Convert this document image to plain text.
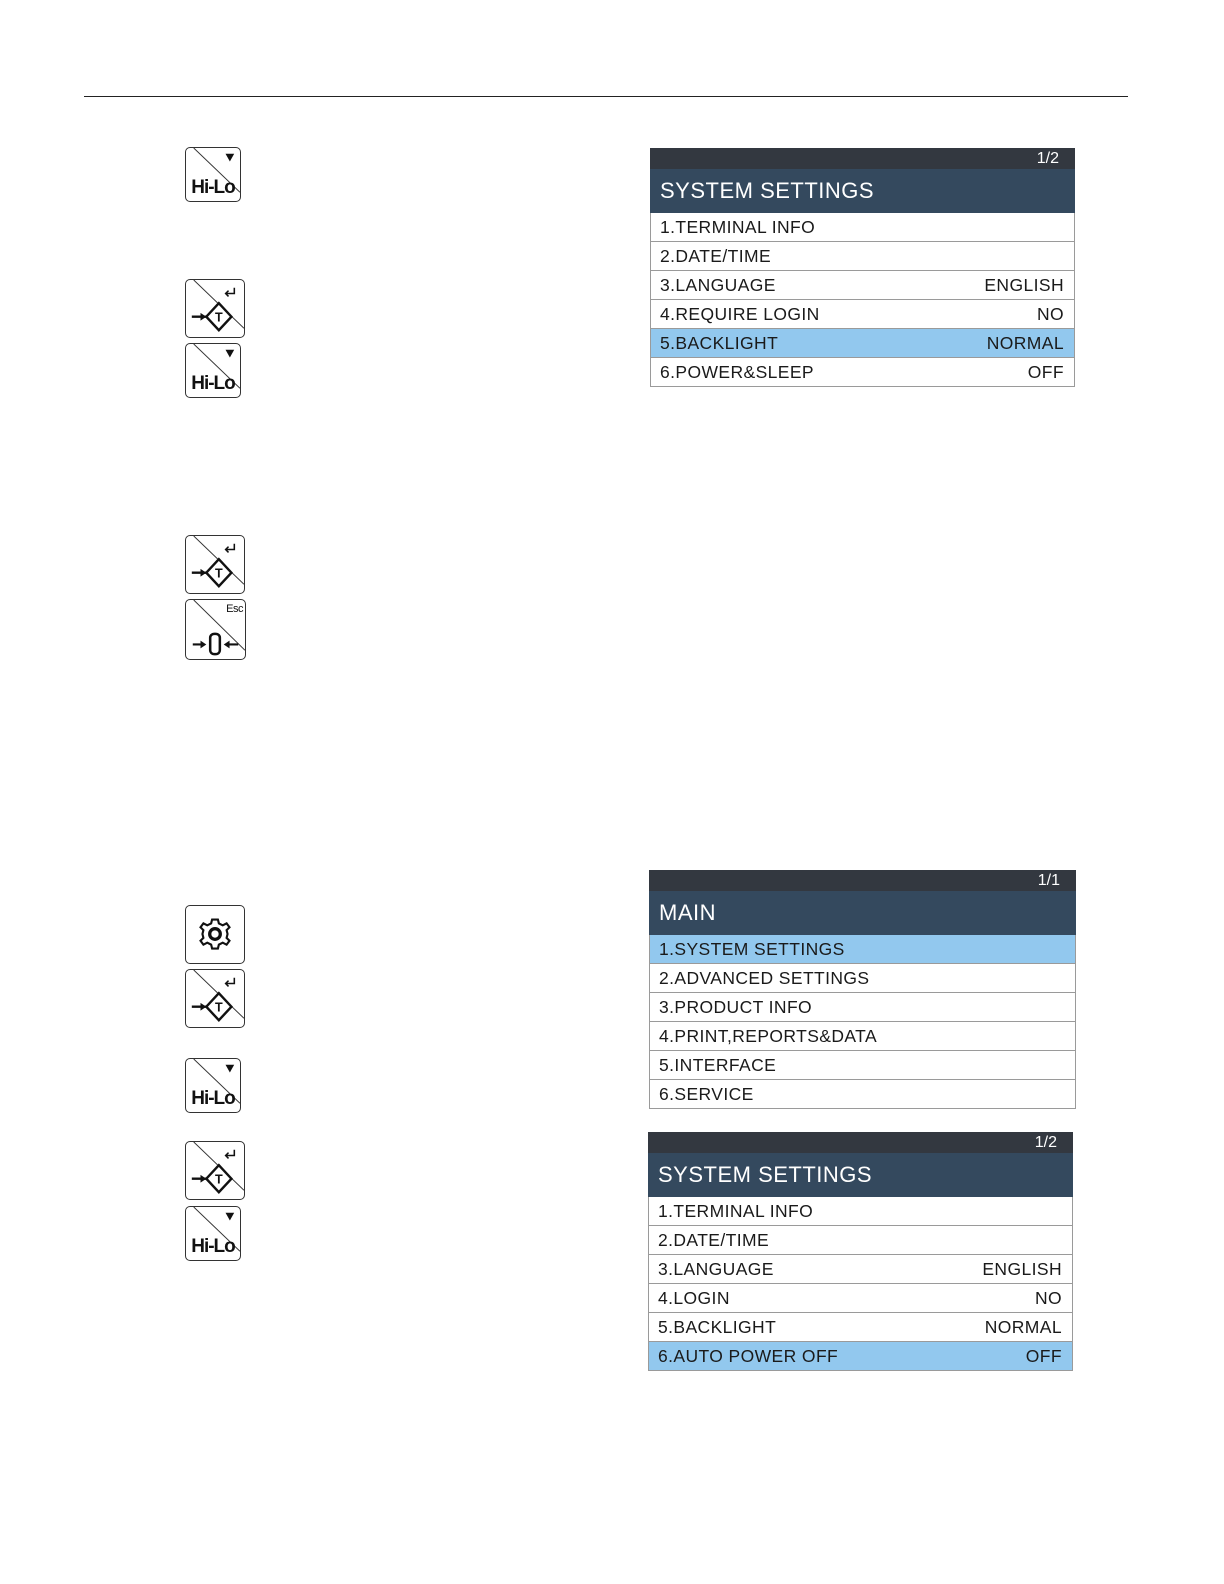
Hi-Lo
T
Hi-Lo
T
Esc
T
Hi-Lo
T
Hi-Lo
1/2
SYSTEM SETTINGS
1.TERMINAL INFO
2.DATE/TIME
3.LANGUAGE	ENGLISH
4.REQUIRE LOGIN	NO
5.BACKLIGHT	NORMAL
6.POWER&SLEEP	OFF
1/1
MAIN
1.SYSTEM SETTINGS
2.ADVANCED SETTINGS
3.PRODUCT INFO
4.PRINT,REPORTS&DATA
5.INTERFACE
6.SERVICE
1/2
SYSTEM SETTINGS
1.TERMINAL INFO
2.DATE/TIME
3.LANGUAGE	ENGLISH
4.LOGIN	NO
5.BACKLIGHT	NORMAL
6.AUTO POWER OFF	OFF
